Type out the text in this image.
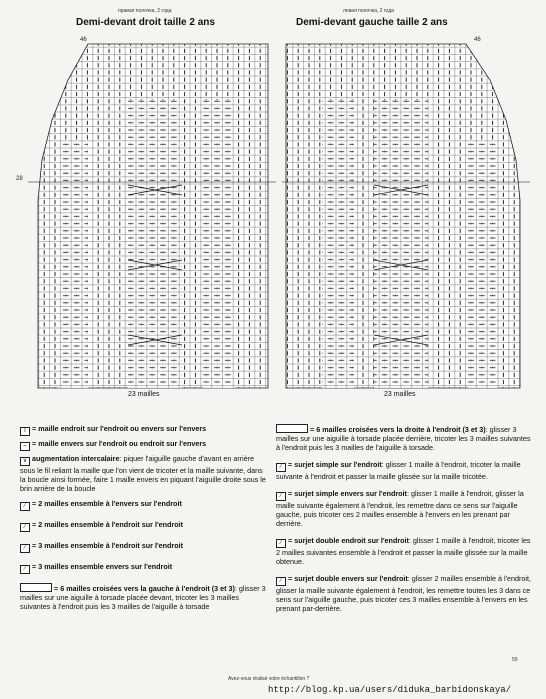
правая полочка, 2 года
Demi-devant droit taille 2 ans
левая полочка, 2 года
Demi-devant gauche taille 2 ans
46
28
46
23 mailles	23 mailles
I = maille endroit sur l'endroit ou envers sur l'envers
– = maille envers sur l'endroit ou endroit sur l'envers
∨ augmentation intercalaire: piquer l'aiguille gauche d'avant en arrière sous le fil reliant la maille que l'on vient de tricoter et la maille suivante, dans la boucle ainsi formée, faire 1 maille envers en piquant l'aiguille droite sous le brin arrière de la boucle
⁄ = 2 mailles ensemble à l'envers sur l'endroit
⁄ = 2 mailles ensemble à l'endroit sur l'endroit
⁄ = 3 mailles ensemble à l'endroit sur l'endroit
⁄ = 3 mailles ensemble envers sur l'endroit
= 6 mailles croisées vers la gauche à l'endroit (3 et 3): glisser 3 mailles sur une aiguille à torsade placée devant, tricoter les 3 mailles suivantes à l'endroit puis les 3 mailles de l'aiguille à torsade
= 6 mailles croisées vers la droite à l'endroit (3 et 3): glisser 3 mailles sur une aiguille à torsade placée derrière, tricoter les 3 mailles suivantes à l'endroit puis les 3 mailles de l'aiguille à torsade.
⁄ = surjet simple sur l'endroit: glisser 1 maille à l'endroit, tricoter la maille suivante à l'endroit et passer la maille glissée sur la maille tricotée.
⁄ = surjet simple envers sur l'endroit: glisser 1 maille à l'endroit, glisser la maille suivante également à l'endroit, les remettre dans ce sens sur l'aiguille gauche, puis tricoter ces 2 mailles ensemble à l'envers en les prenant par derrière.
⁄ = surjet double endroit sur l'endroit: glisser 1 maille à l'endroit, tricoter les 2 mailles suivantes ensemble à l'endroit et passer la maille glissée sur la maille obtenue.
⁄ = surjet double envers sur l'endroit: glisser 2 mailles ensemble à l'endroit, glisser la maille suivante également à l'endroit, les remettre toutes les 3 dans ce sens sur l'aiguille gauche, puis tricoter ces 3 mailles ensemble à l'envers en les prenant par-derrière.
Avez-vous réalisé votre échantillon ?
59
http://blog.kp.ua/users/diduka_barbidonskaya/
